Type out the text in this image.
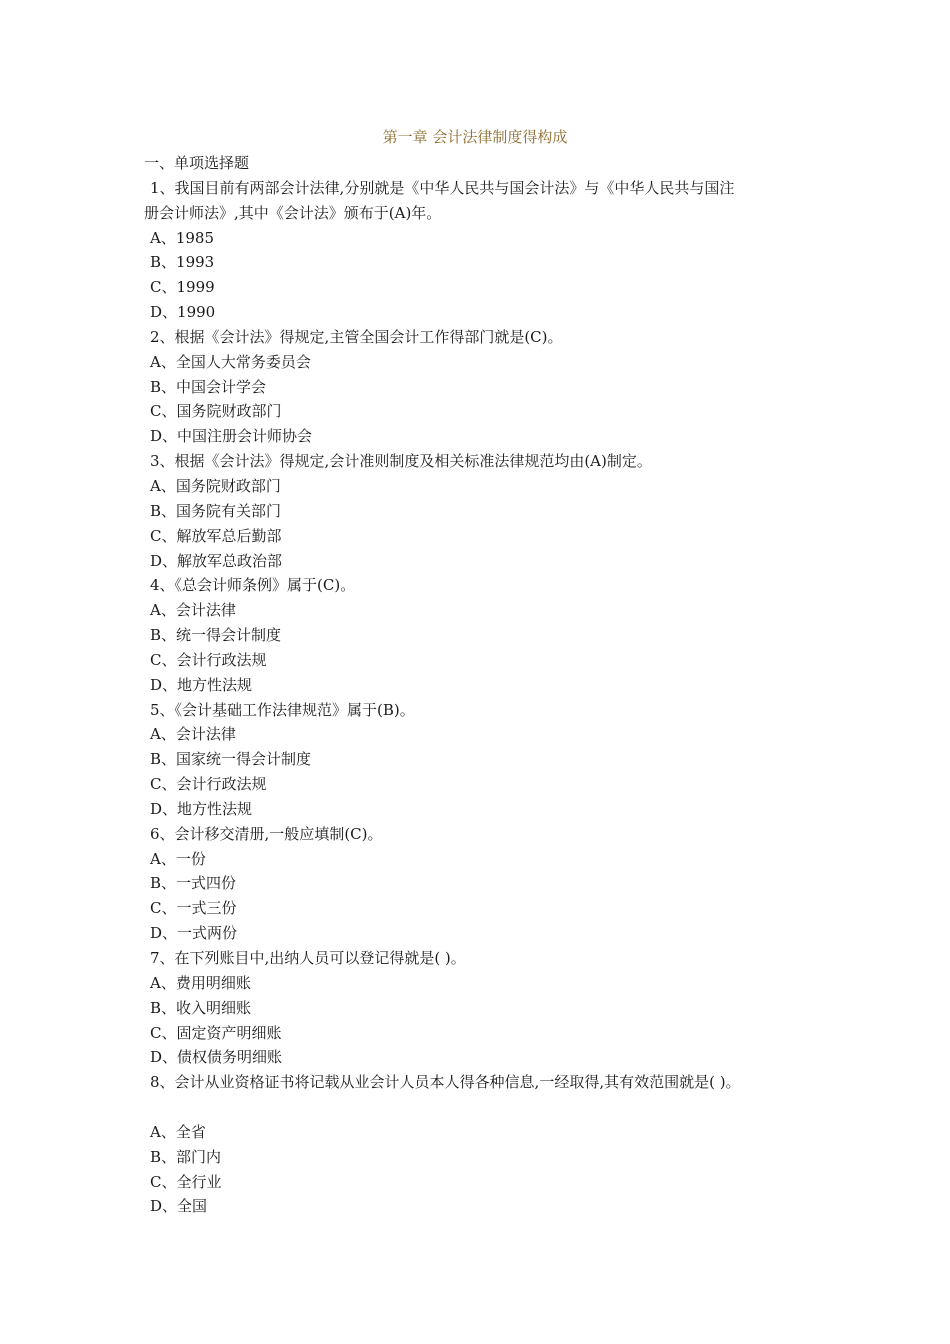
第一章 会计法律制度得构成
一、单项选择题
1、我国目前有两部会计法律,分别就是《中华人民共与国会计法》与《中华人民共与国注
册会计师法》,其中《会计法》颁布于(A)年。
A、1985
B、1993
C、1999
D、1990
2、根据《会计法》得规定,主管全国会计工作得部门就是(C)。
A、全国人大常务委员会
B、中国会计学会
C、国务院财政部门
D、中国注册会计师协会
3、根据《会计法》得规定,会计准则制度及相关标准法律规范均由(A)制定。
A、国务院财政部门
B、国务院有关部门
C、解放军总后勤部
D、解放军总政治部
4、《总会计师条例》属于(C)。
A、会计法律
B、统一得会计制度
C、会计行政法规
D、地方性法规
5、《会计基础工作法律规范》属于(B)。
A、会计法律
B、国家统一得会计制度
C、会计行政法规
D、地方性法规
6、会计移交清册,一般应填制(C)。
A、一份
B、一式四份
C、一式三份
D、一式两份
7、在下列账目中,出纳人员可以登记得就是( )。
A、费用明细账
B、收入明细账
C、固定资产明细账
D、债权债务明细账
8、会计从业资格证书将记载从业会计人员本人得各种信息,一经取得,其有效范围就是( )。
A、全省
B、部门内
C、全行业
D、全国
